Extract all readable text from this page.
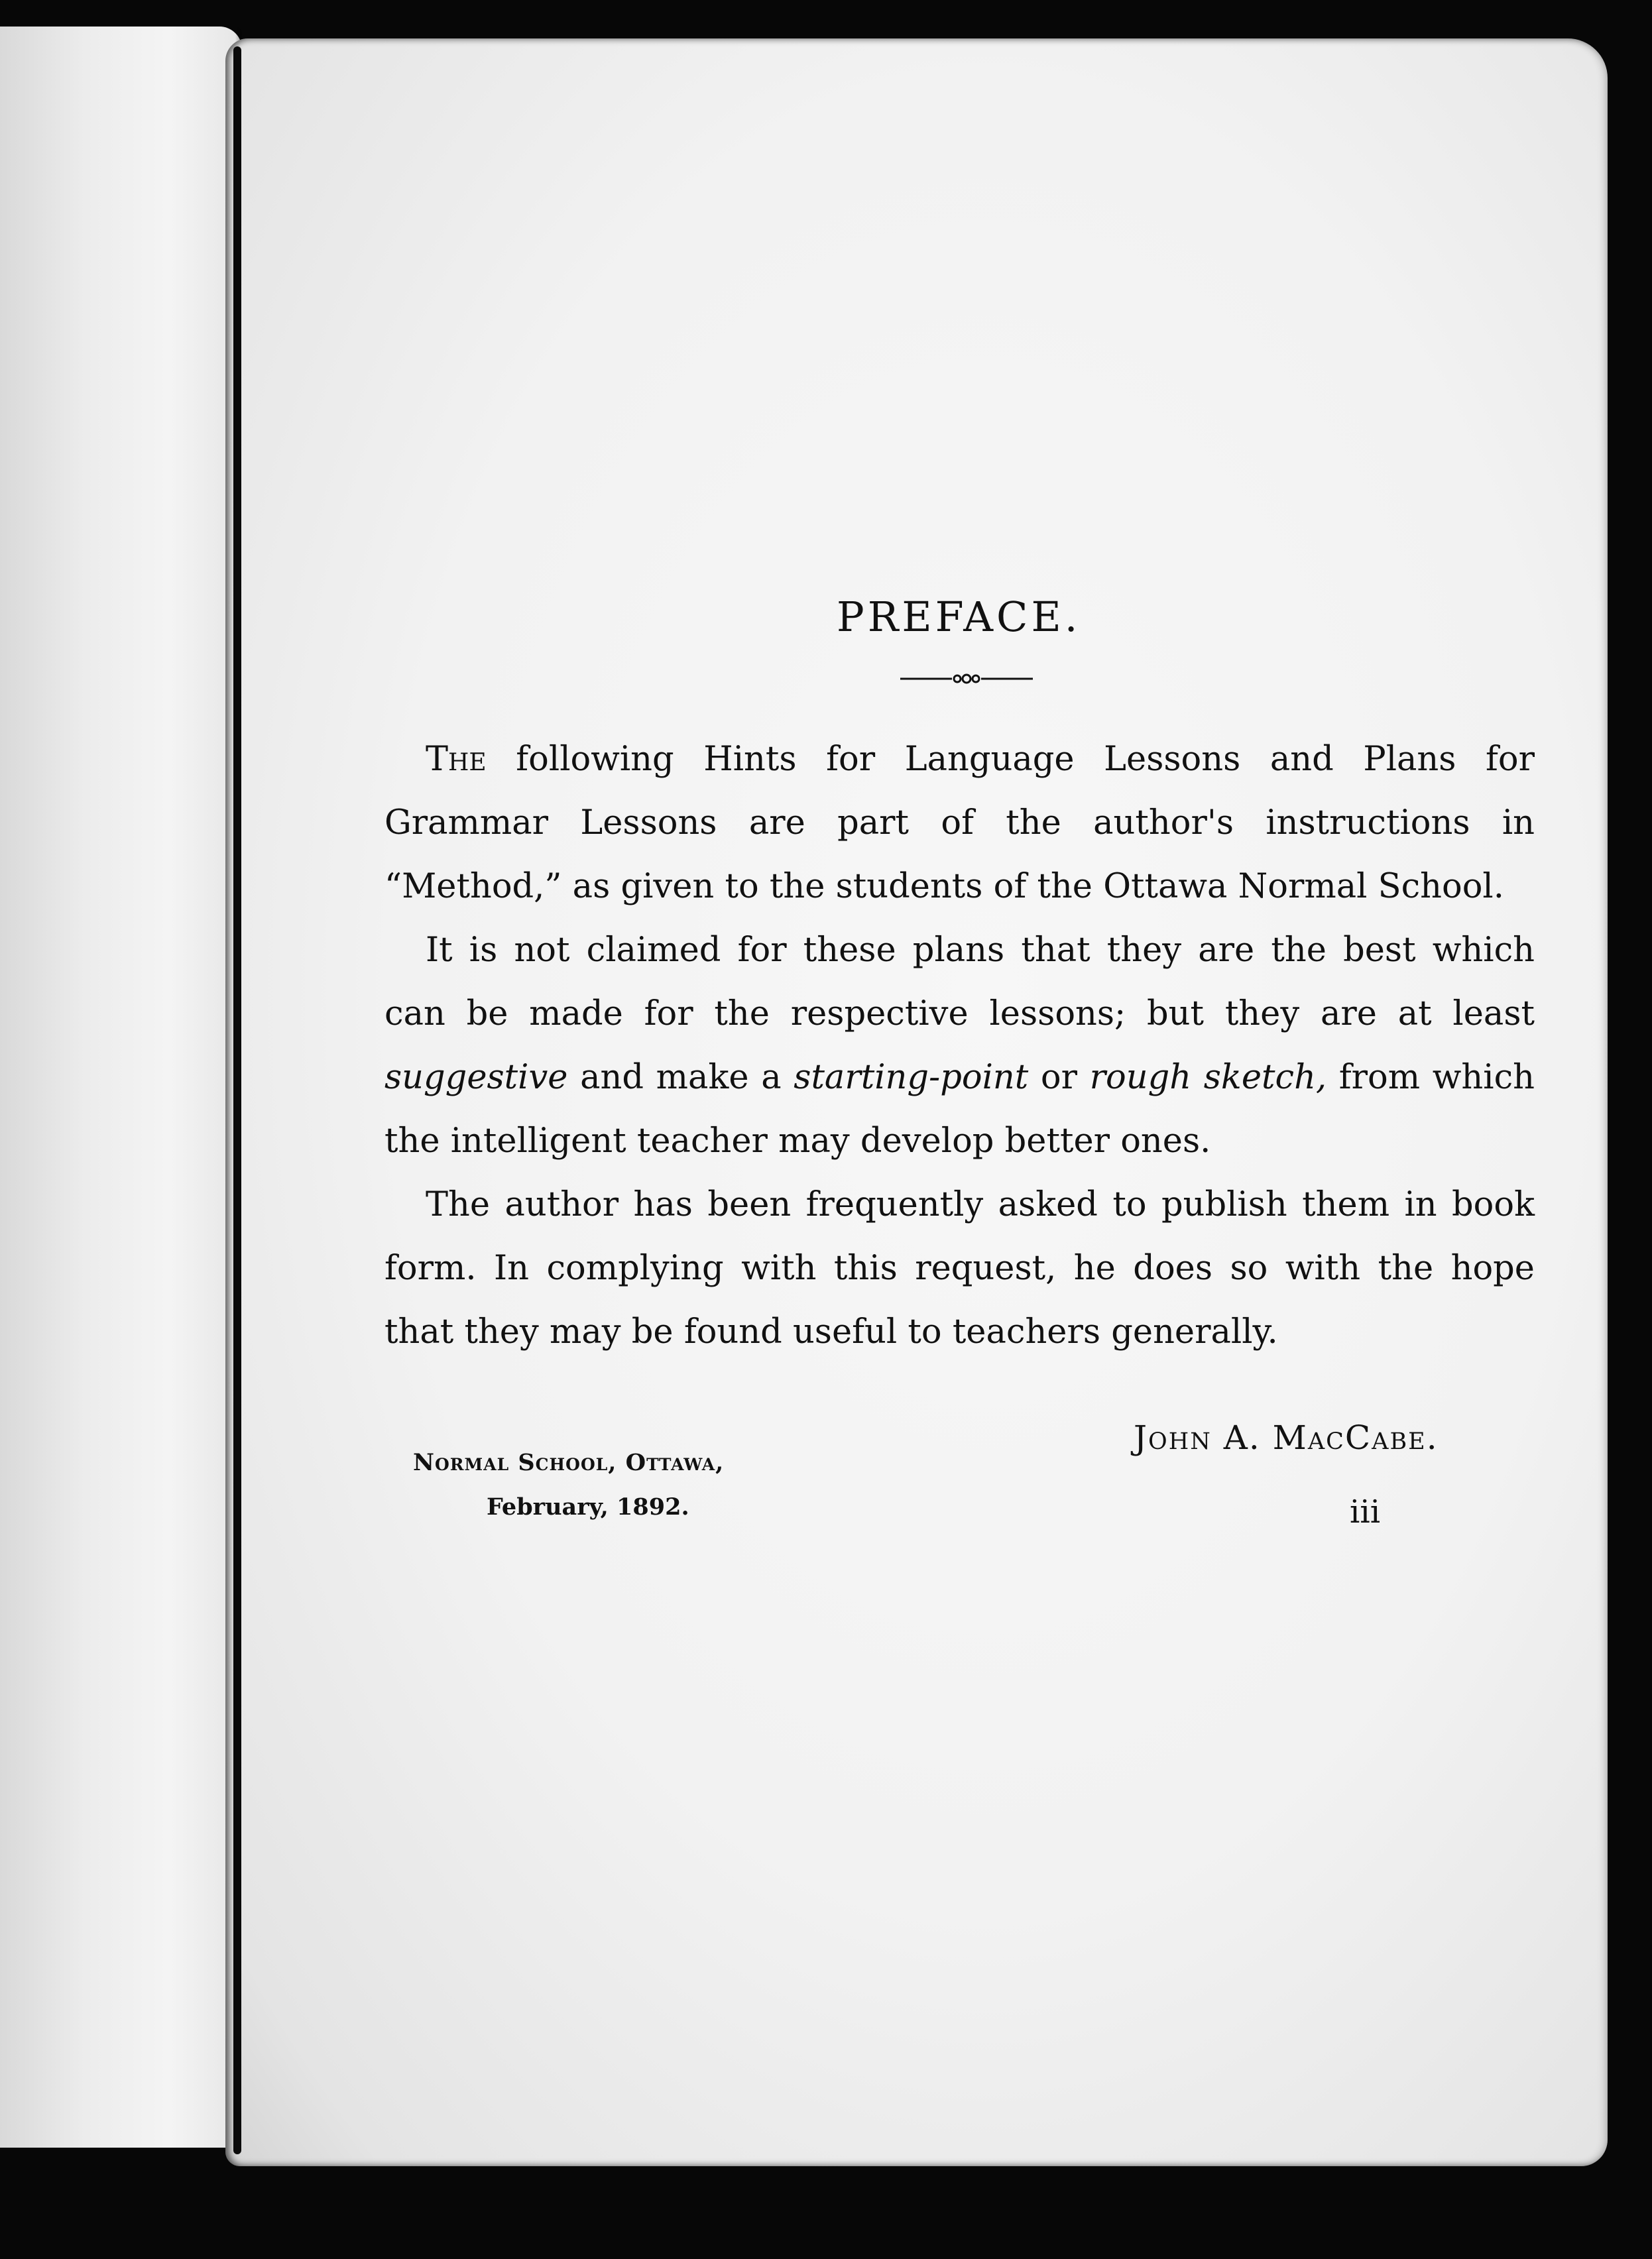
PREFACE.

The following Hints for Language Lessons and Plans for Grammar Lessons are part of the author's instructions in “Method,” as given to the students of the Ottawa Normal School.

It is not claimed for these plans that they are the best which can be made for the respective lessons; but they are at least suggestive and make a starting-point or rough sketch, from which the intelligent teacher may develop better ones.

The author has been frequently asked to publish them in book form. In complying with this request, he does so with the hope that they may be found useful to teachers generally.

John A. MacCabe.
Normal School, Ottawa,
February, 1892.	iii
